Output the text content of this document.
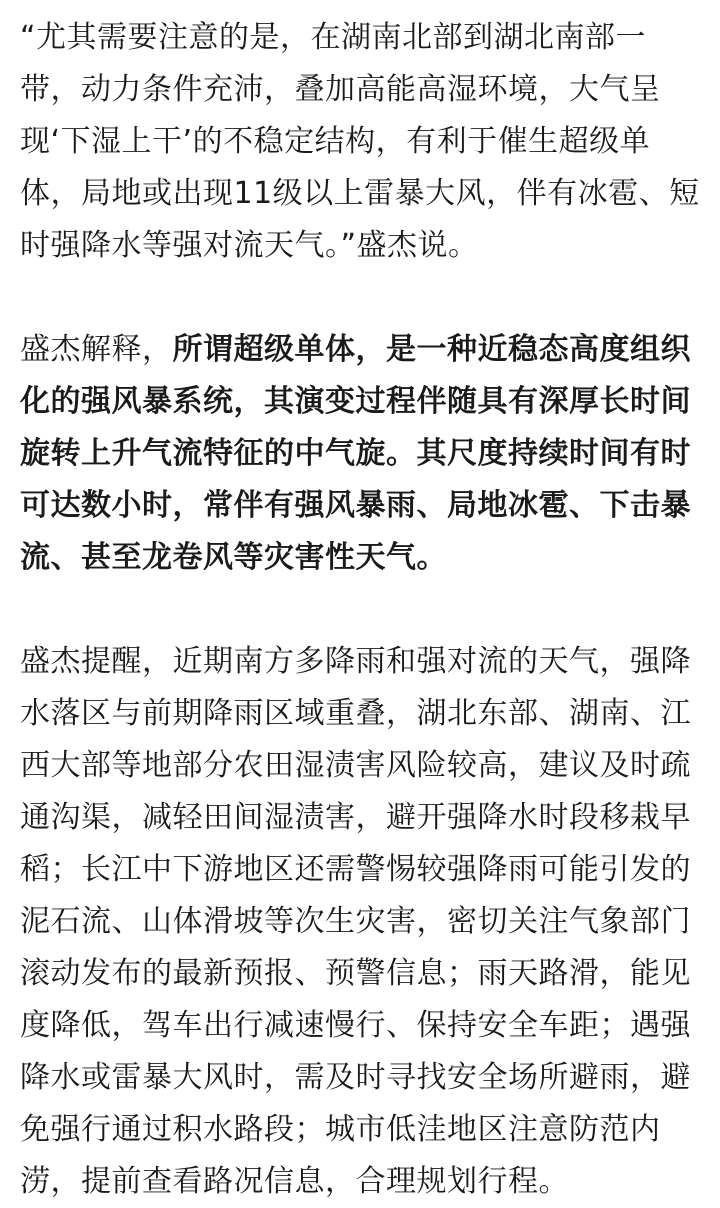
“尤其需要注意的是，在湖南北部到湖北南部一
带，动力条件充沛，叠加高能高湿环境，大气呈
现‘下湿上干’的不稳定结构，有利于催生超级单
体，局地或出现11级以上雷暴大风，伴有冰雹、短
时强降水等强对流天气。”盛杰说。

盛杰解释，所谓超级单体，是一种近稳态高度组织
化的强风暴系统，其演变过程伴随具有深厚长时间
旋转上升气流特征的中气旋。其尺度持续时间有时
可达数小时，常伴有强风暴雨、局地冰雹、下击暴
流、甚至龙卷风等灾害性天气。

盛杰提醒，近期南方多降雨和强对流的天气，强降
水落区与前期降雨区域重叠，湖北东部、湖南、江
西大部等地部分农田湿渍害风险较高，建议及时疏
通沟渠，减轻田间湿渍害，避开强降水时段移栽早
稻；长江中下游地区还需警惕较强降雨可能引发的
泥石流、山体滑坡等次生灾害，密切关注气象部门
滚动发布的最新预报、预警信息；雨天路滑，能见
度降低，驾车出行减速慢行、保持安全车距；遇强
降水或雷暴大风时，需及时寻找安全场所避雨，避
免强行通过积水路段；城市低洼地区注意防范内
涝，提前查看路况信息，合理规划行程。
